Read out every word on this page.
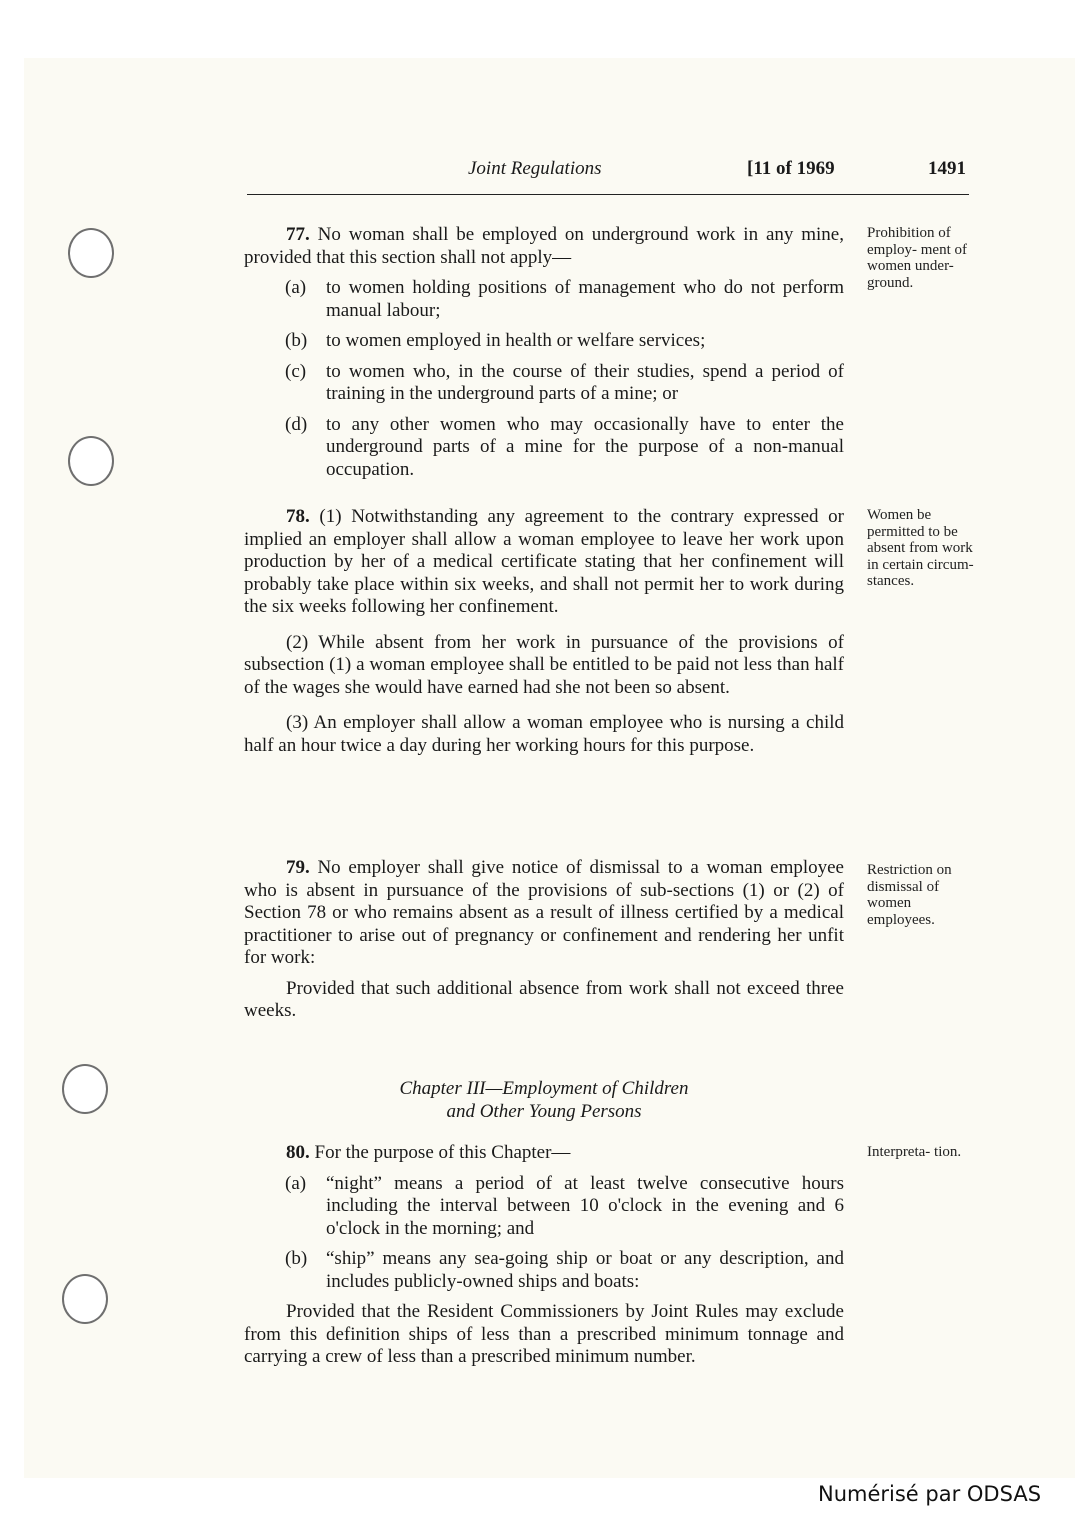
Joint Regulations	[11 of 1969	1491

77. No woman shall be employed on underground work in any mine, provided that this section shall not apply—

(a)	to women holding positions of management who do not perform manual labour;
(b) to women employed in health or welfare services;
(c)	to women who, in the course of their studies, spend a period of training in the underground parts of a mine; or
(d) to any other women who may occasionally have to enter the underground parts of a mine for the purpose of a non-manual occupation.
Prohibition of employ- ment of women under- ground.

78. (1) Notwithstanding any agreement to the contrary expressed or implied an employer shall allow a woman employee to leave her work upon production by her of a medical certificate stating that her confinement will probably take place within six weeks, and shall not permit her to work during the six weeks following her confinement.

(2) While absent from her work in pursuance of the provisions of subsection (1) a woman employee shall be entitled to be paid not less than half of the wages she would have earned had she not been so absent.

(3) An employer shall allow a woman employee who is nursing a child half an hour twice a day during her working hours for this purpose.

Women be permitted to be absent from work in certain circum- stances.

79. No employer shall give notice of dismissal to a woman employee who is absent in pursuance of the provisions of sub-sections (1) or (2) of Section 78 or who remains absent as a result of illness certified by a medical practitioner to arise out of pregnancy or confinement and rendering her unfit for work:

Provided that such additional absence from work shall not exceed three weeks.

Restriction on dismissal of women employees.
Chapter III—Employment of Children
and Other Young Persons

80. For the purpose of this Chapter—

(a)	“night” means a period of at least twelve consecutive hours including the interval between 10 o'clock in the evening and 6 o'clock in the morning; and
(b) “ship” means any sea-going ship or boat or any description, and includes publicly-owned ships and boats:

Provided that the Resident Commissioners by Joint Rules may exclude from this definition ships of less than a prescribed minimum tonnage and carrying a crew of less than a prescribed minimum number.

Interpreta- tion.
Numérisé par ODSAS
